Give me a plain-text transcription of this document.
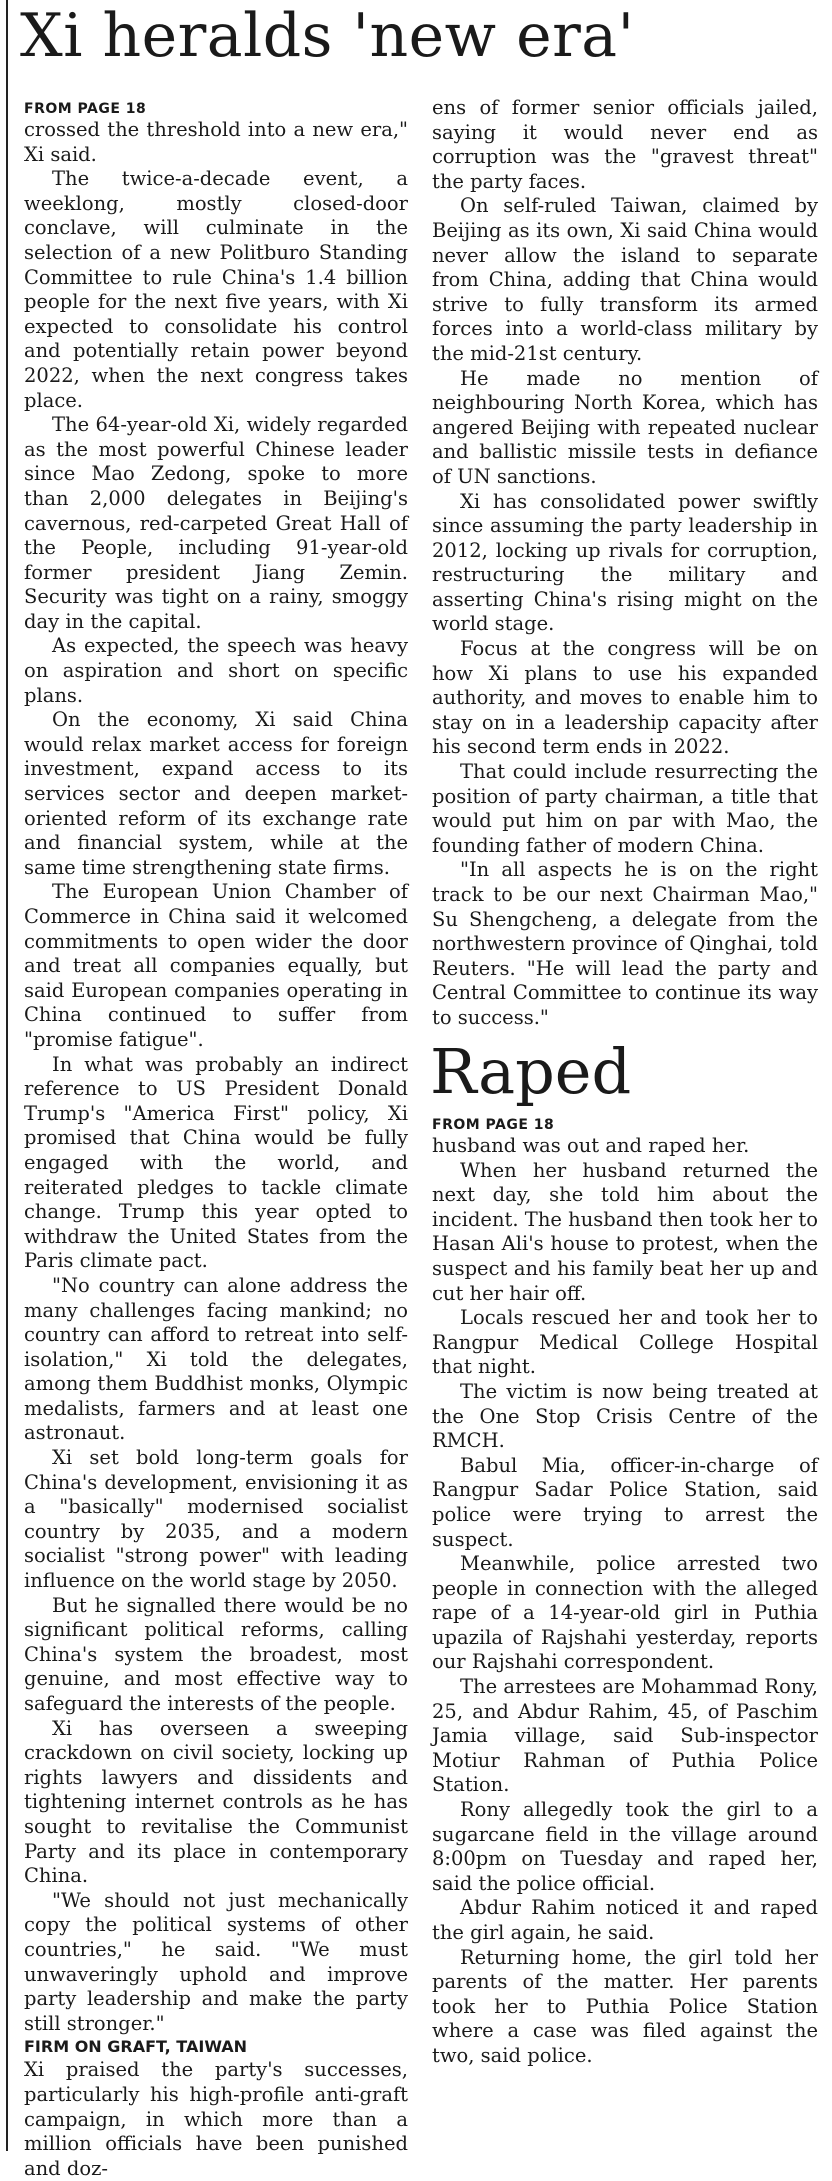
Xi heralds 'new era'
FROM PAGE 18

crossed the threshold into a new era," Xi said.

The twice-a-decade event, a weeklong, mostly closed-door conclave, will culminate in the selection of a new Politburo Standing Committee to rule China's 1.4 billion people for the next five years, with Xi expected to consolidate his control and potentially retain power beyond 2022, when the next congress takes place.

The 64-year-old Xi, widely regarded as the most powerful Chinese leader since Mao Zedong, spoke to more than 2,000 delegates in Beijing's cavernous, red-carpeted Great Hall of the People, including 91-year-old former president Jiang Zemin. Security was tight on a rainy, smoggy day in the capital.

As expected, the speech was heavy on aspiration and short on specific plans.

On the economy, Xi said China would relax market access for foreign investment, expand access to its services sector and deepen market-oriented reform of its exchange rate and financial system, while at the same time strengthening state firms.

The European Union Chamber of Commerce in China said it welcomed commitments to open wider the door and treat all companies equally, but said European companies operating in China continued to suffer from "promise fatigue".

In what was probably an indirect reference to US President Donald Trump's "America First" policy, Xi promised that China would be fully engaged with the world, and reiterated pledges to tackle climate change. Trump this year opted to withdraw the United States from the Paris climate pact.

"No country can alone address the many challenges facing mankind; no country can afford to retreat into self-isolation," Xi told the delegates, among them Buddhist monks, Olympic medalists, farmers and at least one astronaut.

Xi set bold long-term goals for China's development, envisioning it as a "basically" modernised socialist country by 2035, and a modern socialist "strong power" with leading influence on the world stage by 2050.

But he signalled there would be no significant political reforms, calling China's system the broadest, most genuine, and most effective way to safeguard the interests of the people.

Xi has overseen a sweeping crackdown on civil society, locking up rights lawyers and dissidents and tightening internet controls as he has sought to revitalise the Communist Party and its place in contemporary China.

"We should not just mechanically copy the political systems of other countries," he said. "We must unwaveringly uphold and improve party leadership and make the party still stronger."

FIRM ON GRAFT, TAIWAN

Xi praised the party's successes, particularly his high-profile anti-graft campaign, in which more than a million officials have been punished and doz-

ens of former senior officials jailed, saying it would never end as corruption was the "gravest threat" the party faces.

On self-ruled Taiwan, claimed by Beijing as its own, Xi said China would never allow the island to separate from China, adding that China would strive to fully transform its armed forces into a world-class military by the mid-21st century.

He made no mention of neighbouring North Korea, which has angered Beijing with repeated nuclear and ballistic missile tests in defiance of UN sanctions.

Xi has consolidated power swiftly since assuming the party leadership in 2012, locking up rivals for corruption, restructuring the military and asserting China's rising might on the world stage.

Focus at the congress will be on how Xi plans to use his expanded authority, and moves to enable him to stay on in a leadership capacity after his second term ends in 2022.

That could include resurrecting the position of party chairman, a title that would put him on par with Mao, the founding father of modern China.

"In all aspects he is on the right track to be our next Chairman Mao," Su Shengcheng, a delegate from the northwestern province of Qinghai, told Reuters. "He will lead the party and Central Committee to continue its way to success."

Raped
FROM PAGE 18

husband was out and raped her.

When her husband returned the next day, she told him about the incident. The husband then took her to Hasan Ali's house to protest, when the suspect and his family beat her up and cut her hair off.

Locals rescued her and took her to Rangpur Medical College Hospital that night.

The victim is now being treated at the One Stop Crisis Centre of the RMCH.

Babul Mia, officer-in-charge of Rangpur Sadar Police Station, said police were trying to arrest the suspect.

Meanwhile, police arrested two people in connection with the alleged rape of a 14-year-old girl in Puthia upazila of Rajshahi yesterday, reports our Rajshahi correspondent.

The arrestees are Mohammad Rony, 25, and Abdur Rahim, 45, of Paschim Jamia village, said Sub-inspector Motiur Rahman of Puthia Police Station.

Rony allegedly took the girl to a sugarcane field in the village around 8:00pm on Tuesday and raped her, said the police official.

Abdur Rahim noticed it and raped the girl again, he said.

Returning home, the girl told her parents of the matter. Her parents took her to Puthia Police Station where a case was filed against the two, said police.
